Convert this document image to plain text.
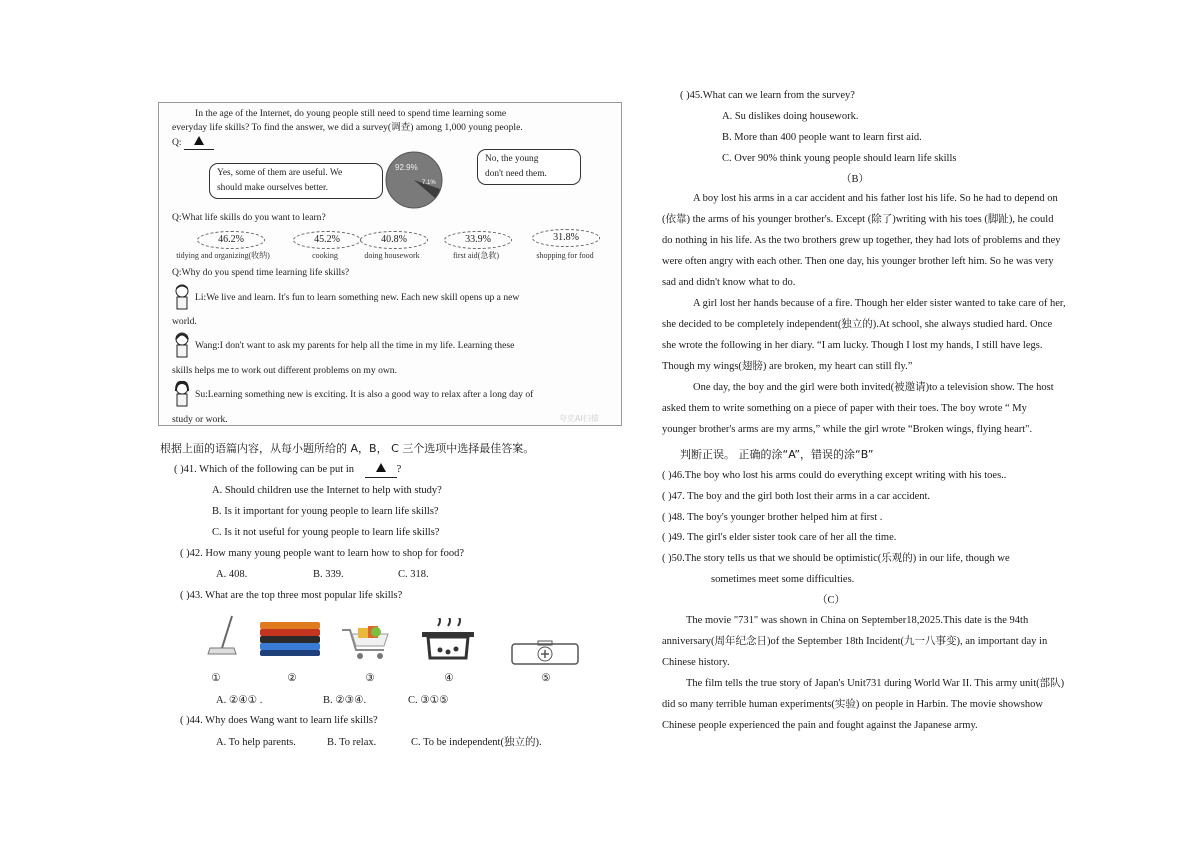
In the age of the Internet, do young people still need to spend time learning some
everyday life skills? To find the answer, we did a survey(调查) among 1,000 young people.
Q:
Yes, some of them are useful. We
should make ourselves better.
92.9%
7.1%
No, the young
don't need them.
Q:What life skills do you want to learn?
46.2%
tidying and organizing(收纳)
45.2%
cooking
40.8%
doing housework
33.9%
first aid(急救)
31.8%
shopping for food
Q:Why do you spend time learning life skills?
Li:We live and learn. It's fun to learn something new. Each new skill opens up a new
world.
Wang:I don't want to ask my parents for help all the time in my life. Learning these
skills helps me to work out different problems on my own.
Su:Learning something new is exciting. It is also a good way to relax after a long day of
study or work.	夸克AI扫描
根据上面的语篇内容，从每小题所给的 A，B， C 三个选项中选择最佳答案。
( )41. Which of the following can be put in	?
A. Should children use the Internet to help with study?
B. Is it important for young people to learn life skills?
C. Is it not useful for young people to learn life skills?
( )42. How many young people want to learn how to shop for food?
A. 408.	B. 339.	C. 318.
( )43. What are the top three most popular life skills?
①	②	③	④	⑤
A. ②④① .	B. ②③④.	C. ③①⑤
( )44. Why does Wang want to learn life skills?
A. To help parents.	B. To relax.	C. To be independent(独立的).
( )45.What can we learn from the survey?
A. Su dislikes doing housework.
B. More than 400 people want to learn first aid.
C. Over 90% think young people should learn life skills
（B）
A boy lost his arms in a car accident and his father lost his life. So he had to depend on
(依靠) the arms of his younger brother's. Except (除了)writing with his toes (脚趾), he could
do nothing in his life. As the two brothers grew up together, they had lots of problems and they
were often angry with each other. Then one day, his younger brother left him. So he was very
sad and didn't know what to do.
A girl lost her hands because of a fire. Though her elder sister wanted to take care of her,
she decided to be completely independent(独立的).At school, she always studied hard. Once
she wrote the following in her diary. “I am lucky. Though I lost my hands, I still have legs.
Though my wings(翅膀) are broken, my heart can still fly.”
One day, the boy and the girl were both invited(被邀请)to a television show. The host
asked them to write something on a piece of paper with their toes. The boy wrote “ My
younger brother's arms are my arms,” while the girl wrote “Broken wings, flying heart".
判断正误。 正确的涂“A”，错误的涂“B”
( )46.The boy who lost his arms could do everything except writing with his toes..
( )47. The boy and the girl both lost their arms in a car accident.
( )48. The boy's younger brother helped him at first .
( )49. The girl's elder sister took care of her all the time.
( )50.The story tells us that we should be optimistic(乐观的) in our life, though we
sometimes meet some difficulties.
（C）
The movie "731" was shown in China on September18,2025.This date is the 94th
anniversary(周年纪念日)of the September 18th Incident(九一八事变), an important day in
Chinese history.
The film tells the true story of Japan's Unit731 during World War II. This army unit(部队)
did so many terrible human experiments(实验) on people in Harbin. The movie showshow
Chinese people experienced the pain and fought against the Japanese army.
